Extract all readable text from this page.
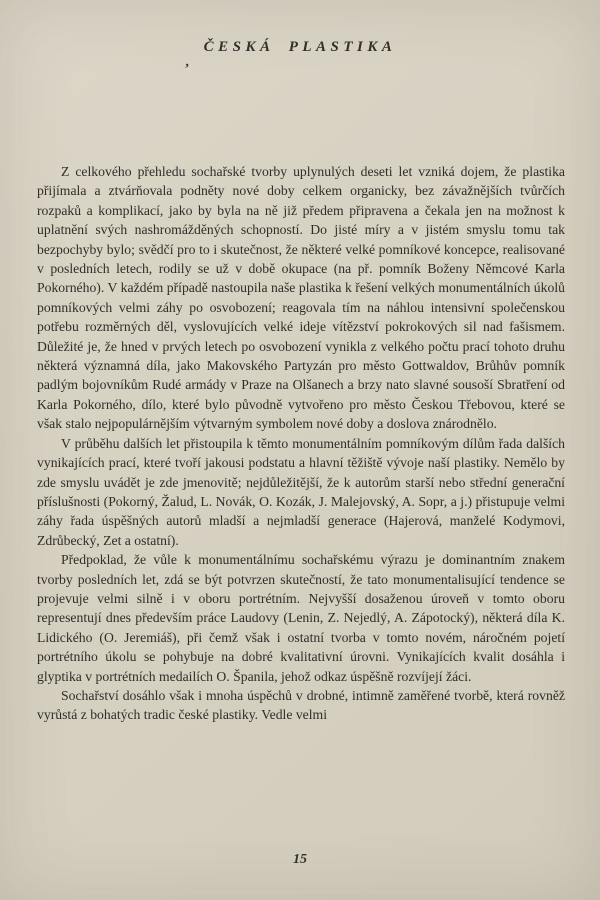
ČESKÁ PLASTIKA
’

Z celkového přehledu sochařské tvorby uplynulých deseti let vzniká dojem, že plastika přijímala a ztvárňovala podněty nové doby celkem organicky, bez závažnějších tvůrčích rozpaků a komplikací, jako by byla na ně již předem připravena a čekala jen na možnost k uplatnění svých nashromážděných schopností. Do jisté míry a v jistém smyslu tomu tak bezpochyby bylo; svědčí pro to i skutečnost, že některé velké pomníkové koncepce, realisované v posledních letech, rodily se už v době okupace (na př. pomník Boženy Němcové Karla Pokorného). V každém případě nastoupila naše plastika k řešení velkých monumentálních úkolů pomníkových velmi záhy po osvobození; reagovala tím na náhlou intensivní společenskou potřebu rozměrných děl, vyslovujících velké ideje vítězství pokrokových sil nad fašismem. Důležité je, že hned v prvých letech po osvobození vynikla z velkého počtu prací tohoto druhu některá významná díla, jako Makovského Partyzán pro město Gottwaldov, Brůhův pomník padlým bojovníkům Rudé armády v Praze na Olšanech a brzy nato slavné sousoší Sbratření od Karla Pokorného, dílo, které bylo původně vytvořeno pro město Českou Třebovou, které se však stalo nejpopulárnějším výtvarným symbolem nové doby a doslova znárodnělo.

V průběhu dalších let přistoupila k těmto monumentálním pomníkovým dílům řada dalších vynikajících prací, které tvoří jakousi podstatu a hlavní těžiště vývoje naší plastiky. Nemělo by zde smyslu uvádět je zde jmenovitě; nejdůležitější, že k autorům starší nebo střední generační příslušnosti (Pokorný, Žalud, L. Novák, O. Kozák, J. Malejovský, A. Sopr, a j.) přistupuje velmi záhy řada úspěšných autorů mladší a nejmladší generace (Hajerová, manželé Kodymovi, Zdrůbecký, Zet a ostatní).

Předpoklad, že vůle k monumentálnímu sochařskému výrazu je dominantním znakem tvorby posledních let, zdá se být potvrzen skutečností, že tato monumentalisující tendence se projevuje velmi silně i v oboru portrétním. Nejvyšší dosaženou úroveň v tomto oboru representují dnes především práce Laudovy (Lenin, Z. Nejedlý, A. Zápotocký), některá díla K. Lidického (O. Jeremiáš), při čemž však i ostatní tvorba v tomto novém, náročném pojetí portrétního úkolu se pohybuje na dobré kvalitativní úrovni. Vynikajících kvalit dosáhla i glyptika v portrétních medailích O. Španila, jehož odkaz úspěšně rozvíjejí žáci.

Sochařství dosáhlo však i mnoha úspěchů v drobné, intimně zaměřené tvorbě, která rovněž vyrůstá z bohatých tradic české plastiky. Vedle velmi

15
